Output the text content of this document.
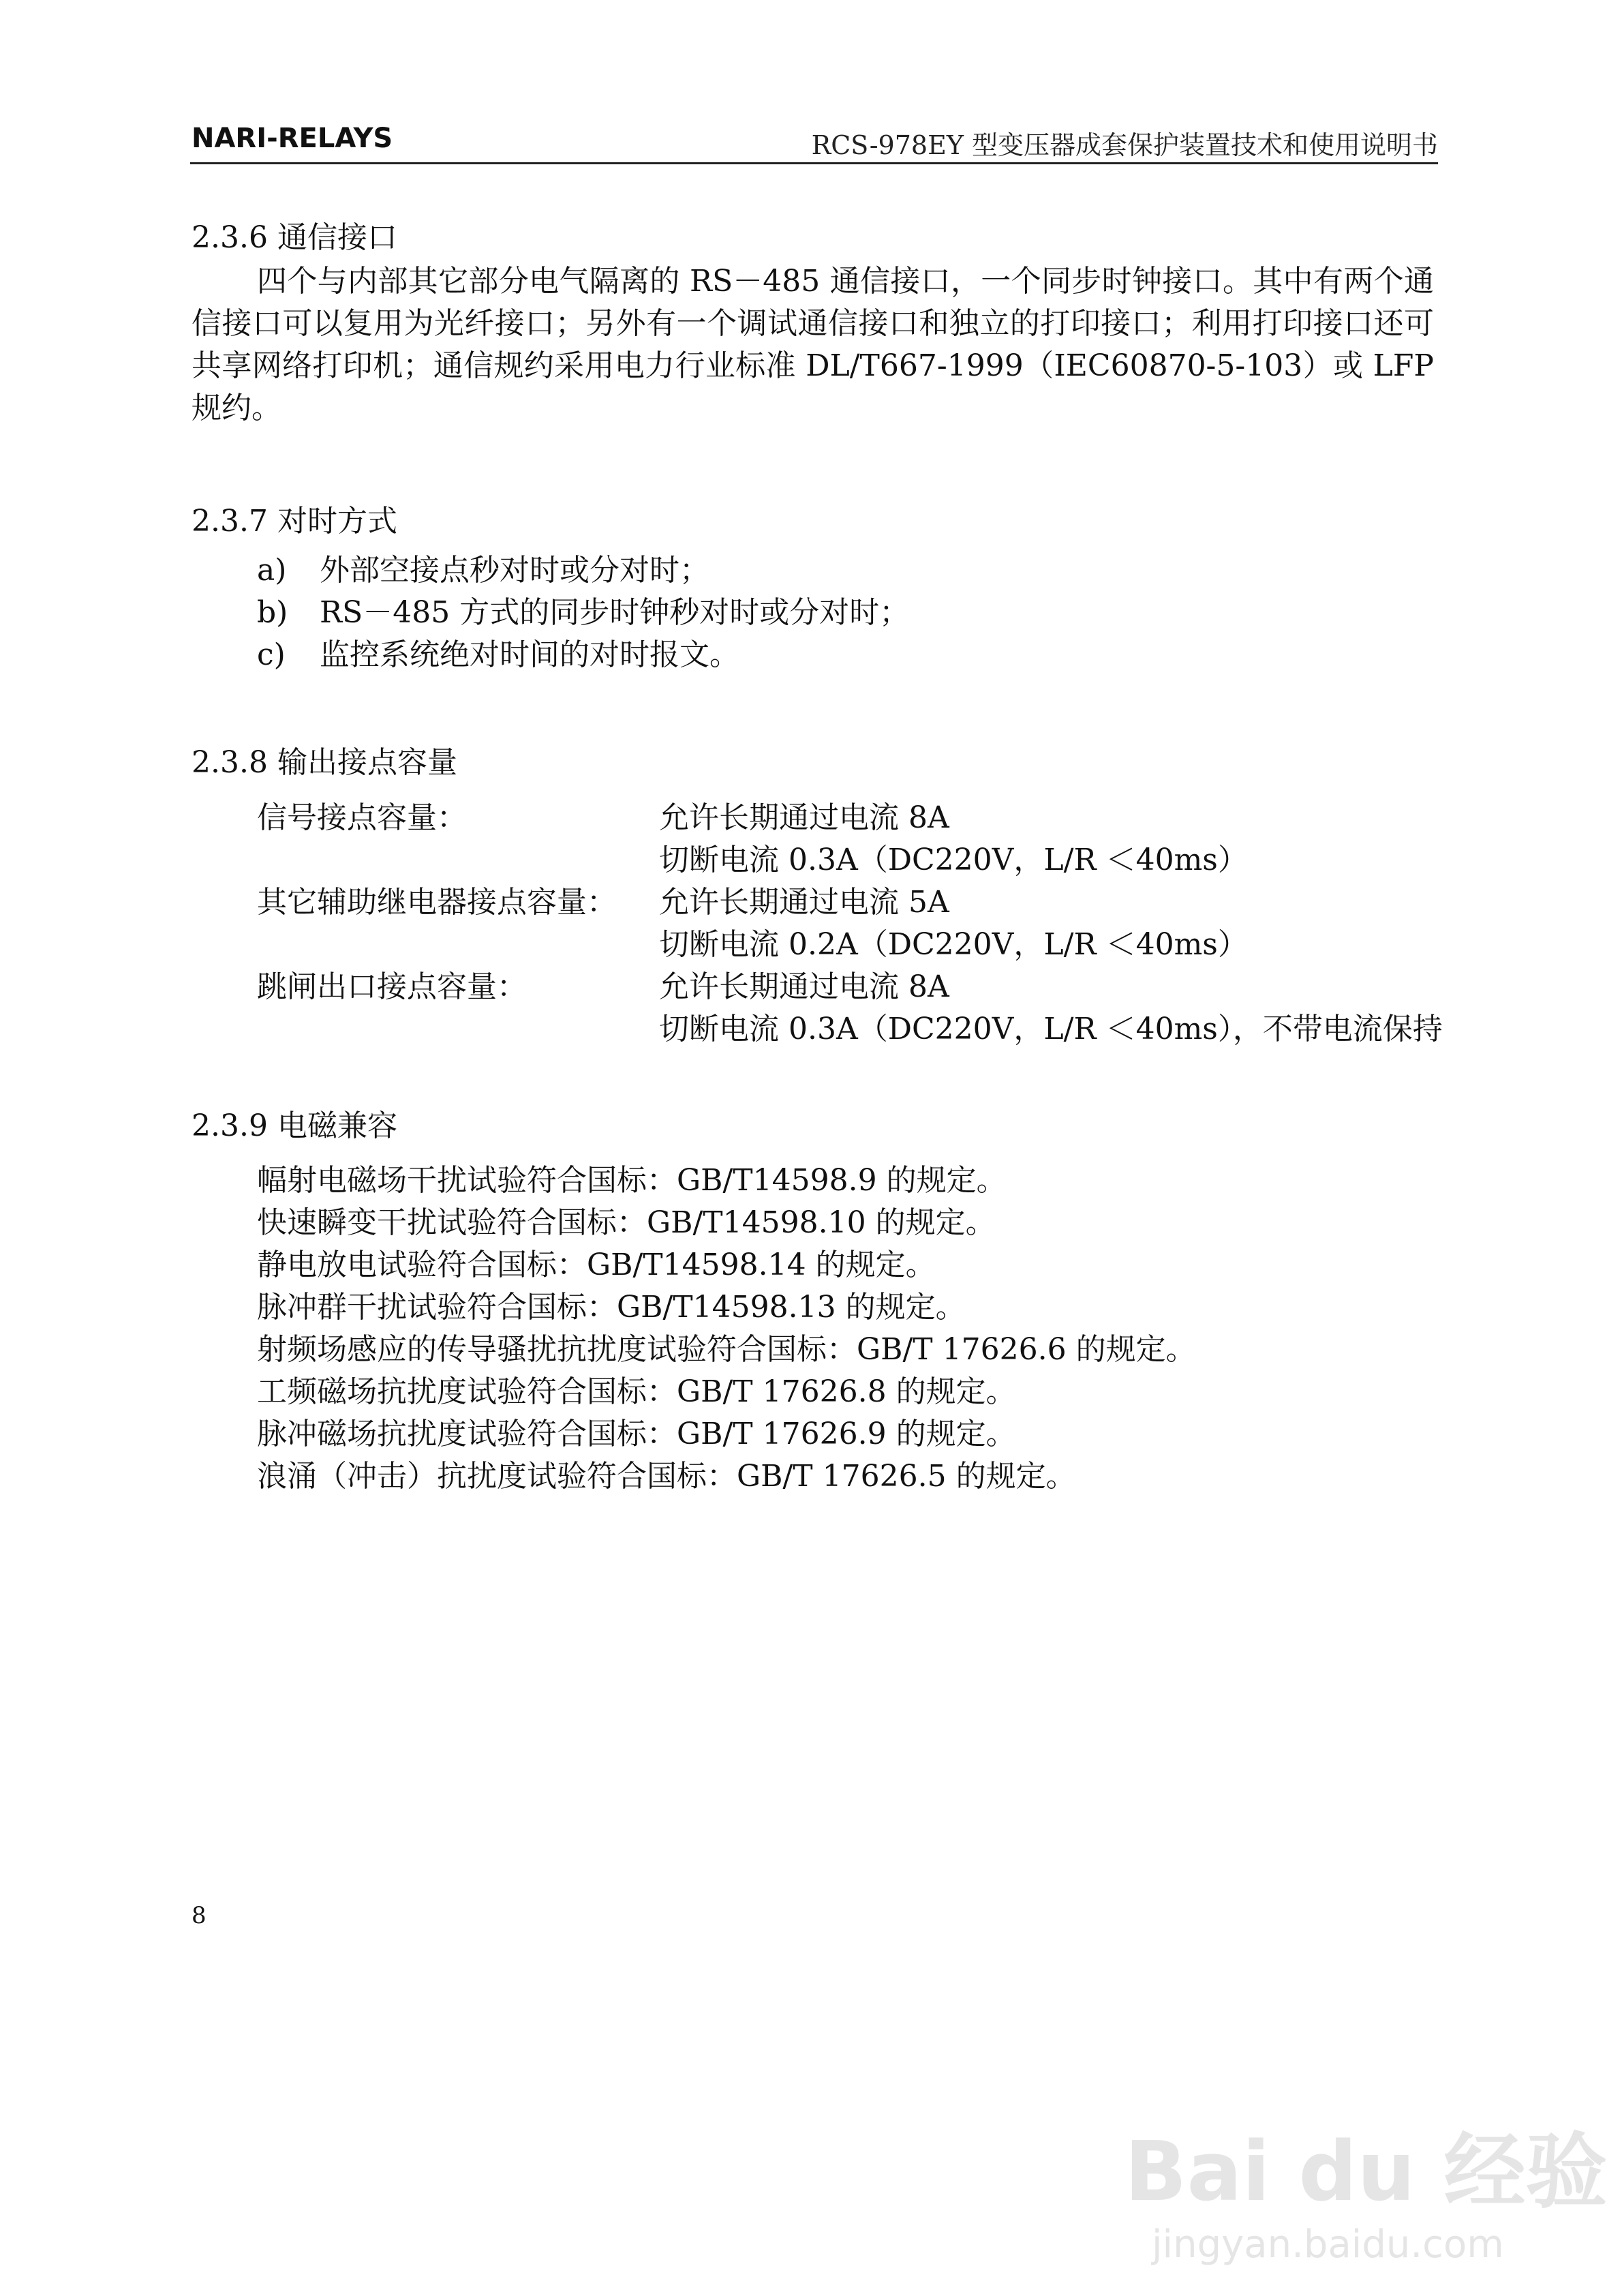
NARI-RELAYS	RCS-978EY 型变压器成套保护装置技术和使用说明书
2.3.6 通信接口
四个与内部其它部分电气隔离的 RS－485 通信接口，一个同步时钟接口。其中有两个通信接口可以复用为光纤接口；另外有一个调试通信接口和独立的打印接口；利用打印接口还可共享网络打印机；通信规约采用电力行业标准 DL/T667-1999（IEC60870-5-103）或 LFP 规约。
2.3.7 对时方式
a) 外部空接点秒对时或分对时；
b) RS－485 方式的同步时钟秒对时或分对时；
c) 监控系统绝对时间的对时报文。
2.3.8 输出接点容量
信号接点容量：	允许长期通过电流 8A
切断电流 0.3A（DC220V，L/R ＜40ms）
其它辅助继电器接点容量： 允许长期通过电流 5A
切断电流 0.2A（DC220V，L/R ＜40ms）
跳闸出口接点容量：	允许长期通过电流 8A
切断电流 0.3A（DC220V，L/R ＜40ms），不带电流保持
2.3.9 电磁兼容
幅射电磁场干扰试验符合国标：GB/T14598.9 的规定。
快速瞬变干扰试验符合国标：GB/T14598.10 的规定。
静电放电试验符合国标：GB/T14598.14 的规定。
脉冲群干扰试验符合国标：GB/T14598.13 的规定。
射频场感应的传导骚扰抗扰度试验符合国标：GB/T 17626.6 的规定。
工频磁场抗扰度试验符合国标：GB/T 17626.8 的规定。
脉冲磁场抗扰度试验符合国标：GB/T 17626.9 的规定。
浪涌（冲击）抗扰度试验符合国标：GB/T 17626.5 的规定。
8
Bai du 经验
jingyan.baidu.com
